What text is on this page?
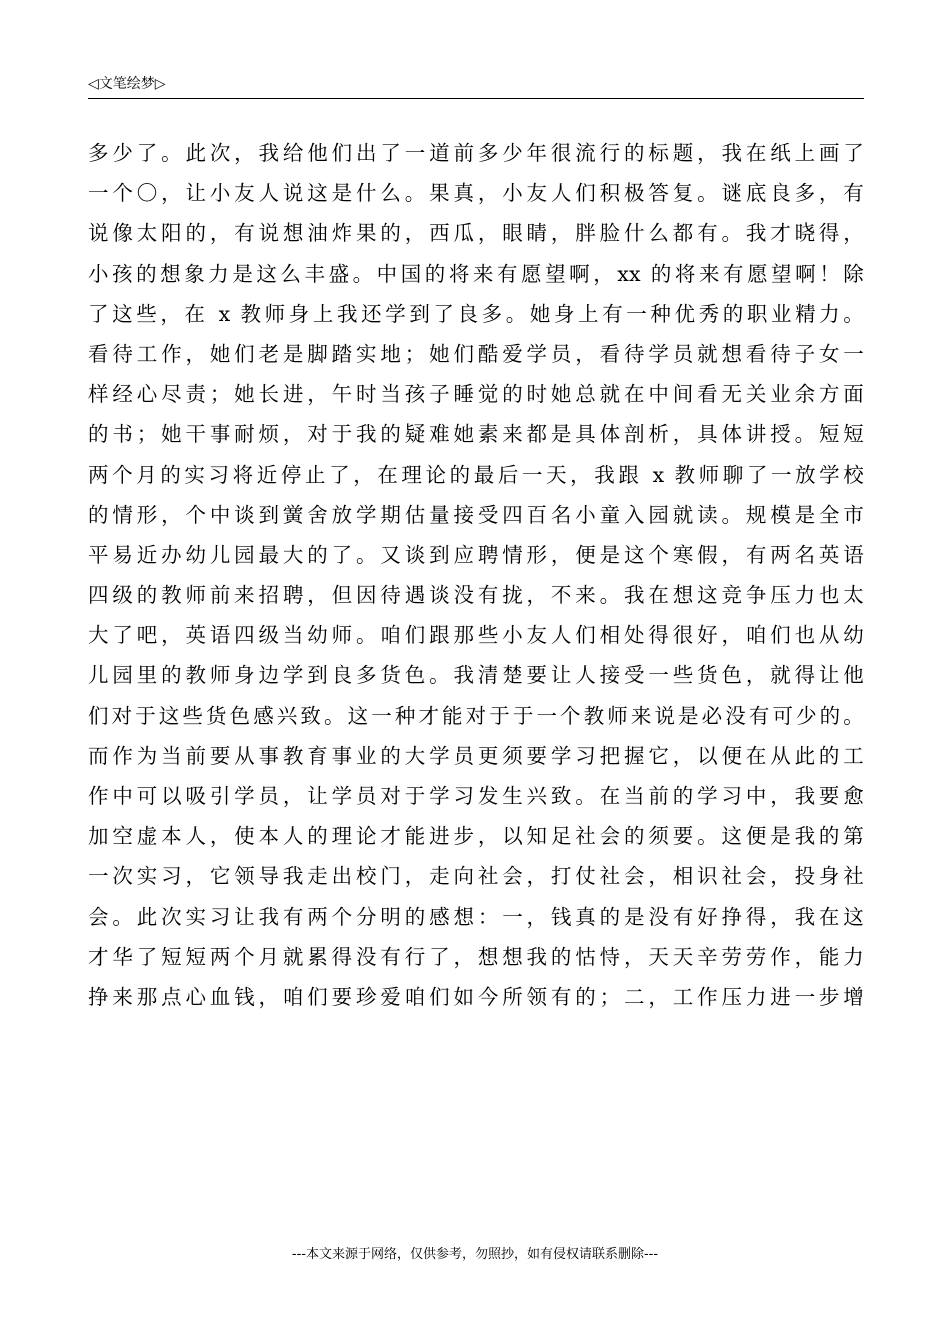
◁文笔绘梦▷
多少了。此次，我给他们出了一道前多少年很流行的标题，我在纸上画了
一个〇，让小友人说这是什么。果真，小友人们积极答复。谜底良多，有
说像太阳的，有说想油炸果的，西瓜，眼睛，胖脸什么都有。我才晓得，
小孩的想象力是这么丰盛。中国的将来有愿望啊，xx 的将来有愿望啊！除
了这些，在 x 教师身上我还学到了良多。她身上有一种优秀的职业精力。
看待工作，她们老是脚踏实地；她们酷爱学员，看待学员就想看待子女一
样经心尽责；她长进，午时当孩子睡觉的时她总就在中间看无关业余方面
的书；她干事耐烦，对于我的疑难她素来都是具体剖析，具体讲授。短短
两个月的实习将近停止了，在理论的最后一天，我跟 x 教师聊了一放学校
的情形，个中谈到黉舍放学期估量接受四百名小童入园就读。规模是全市
平易近办幼儿园最大的了。又谈到应聘情形，便是这个寒假，有两名英语
四级的教师前来招聘，但因待遇谈没有拢，不来。我在想这竞争压力也太
大了吧，英语四级当幼师。咱们跟那些小友人们相处得很好，咱们也从幼
儿园里的教师身边学到良多货色。我清楚要让人接受一些货色，就得让他
们对于这些货色感兴致。这一种才能对于于一个教师来说是必没有可少的。
而作为当前要从事教育事业的大学员更须要学习把握它，以便在从此的工
作中可以吸引学员，让学员对于学习发生兴致。在当前的学习中，我要愈
加空虚本人，使本人的理论才能进步，以知足社会的须要。这便是我的第
一次实习，它领导我走出校门，走向社会，打仗社会，相识社会，投身社
会。此次实习让我有两个分明的感想：一，钱真的是没有好挣得，我在这
才华了短短两个月就累得没有行了，想想我的怙恃，天天辛劳劳作，能力
挣来那点心血钱，咱们要珍爱咱们如今所领有的；二，工作压力进一步增
---本文来源于网络，仅供参考，勿照抄，如有侵权请联系删除---
